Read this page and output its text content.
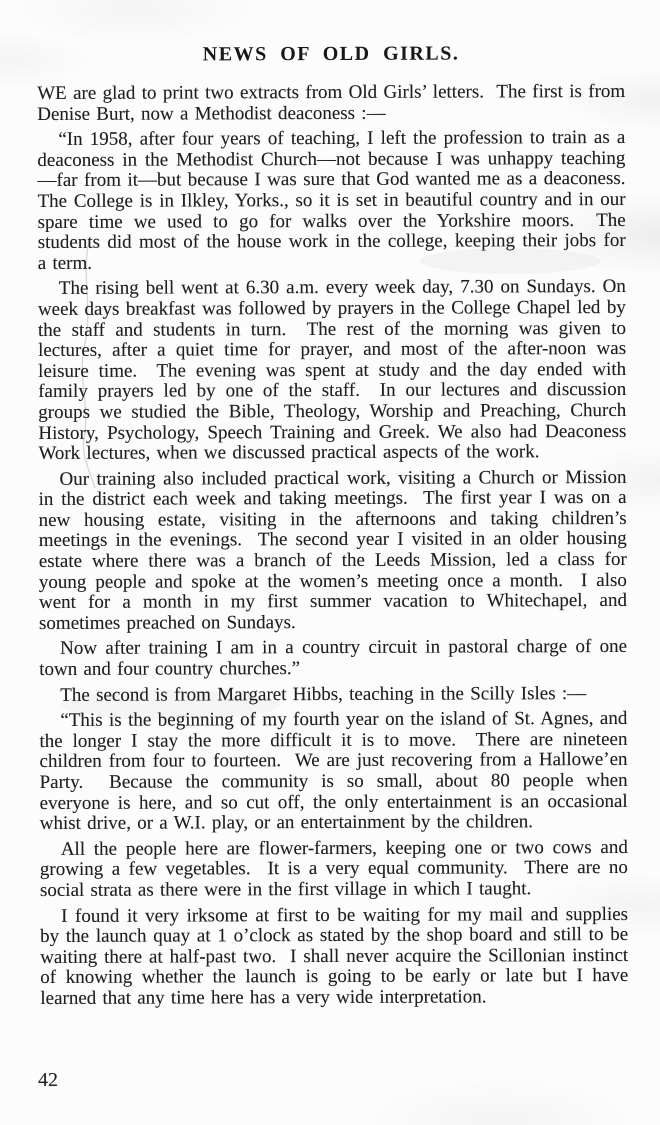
NEWS OF OLD GIRLS.

WE are glad to print two extracts from Old Girls’ letters.  The first is from Denise Burt, now a Methodist deaconess :—

“In 1958, after four years of teaching, I left the profession to train as a deaconess in the Methodist Church—not because I was unhappy teaching—far from it—but because I was sure that God wanted me as a deaconess.  The College is in Ilkley, Yorks., so it is set in beautiful country and in our spare time we used to go for walks over the Yorkshire moors.  The students did most of the house work in the college, keeping their jobs for a term.

The rising bell went at 6.30 a.m. every week day, 7.30 on Sundays. On week days breakfast was followed by prayers in the College Chapel led by the staff and students in turn.  The rest of the morning was given to lectures, after a quiet time for prayer, and most of the after-noon was leisure time.  The evening was spent at study and the day ended with family prayers led by one of the staff.  In our lectures and discussion groups we studied the Bible, Theology, Worship and Preaching, Church History, Psychology, Speech Training and Greek. We also had Deaconess Work lectures, when we discussed practical aspects of the work.

Our training also included practical work, visiting a Church or Mission in the district each week and taking meetings.  The first year I was on a new housing estate, visiting in the afternoons and taking children’s meetings in the evenings.  The second year I visited in an older housing estate where there was a branch of the Leeds Mission, led a class for young people and spoke at the women’s meeting once a month.  I also went for a month in my first summer vacation to Whitechapel, and sometimes preached on Sundays.

Now after training I am in a country circuit in pastoral charge of one town and four country churches.”

The second is from Margaret Hibbs, teaching in the Scilly Isles :—

“This is the beginning of my fourth year on the island of St. Agnes, and the longer I stay the more difficult it is to move.  There are nineteen children from four to fourteen.  We are just recovering from a Hallowe’en Party.  Because the community is so small, about 80 people when everyone is here, and so cut off, the only entertainment is an occasional whist drive, or a W.I. play, or an entertainment by the children.

All the people here are flower-farmers, keeping one or two cows and growing a few vegetables.  It is a very equal community.  There are no social strata as there were in the first village in which I taught.

I found it very irksome at first to be waiting for my mail and supplies by the launch quay at 1 o’clock as stated by the shop board and still to be waiting there at half-past two.  I shall never acquire the Scillonian instinct of knowing whether the launch is going to be early or late but I have learned that any time here has a very wide interpretation.

42
